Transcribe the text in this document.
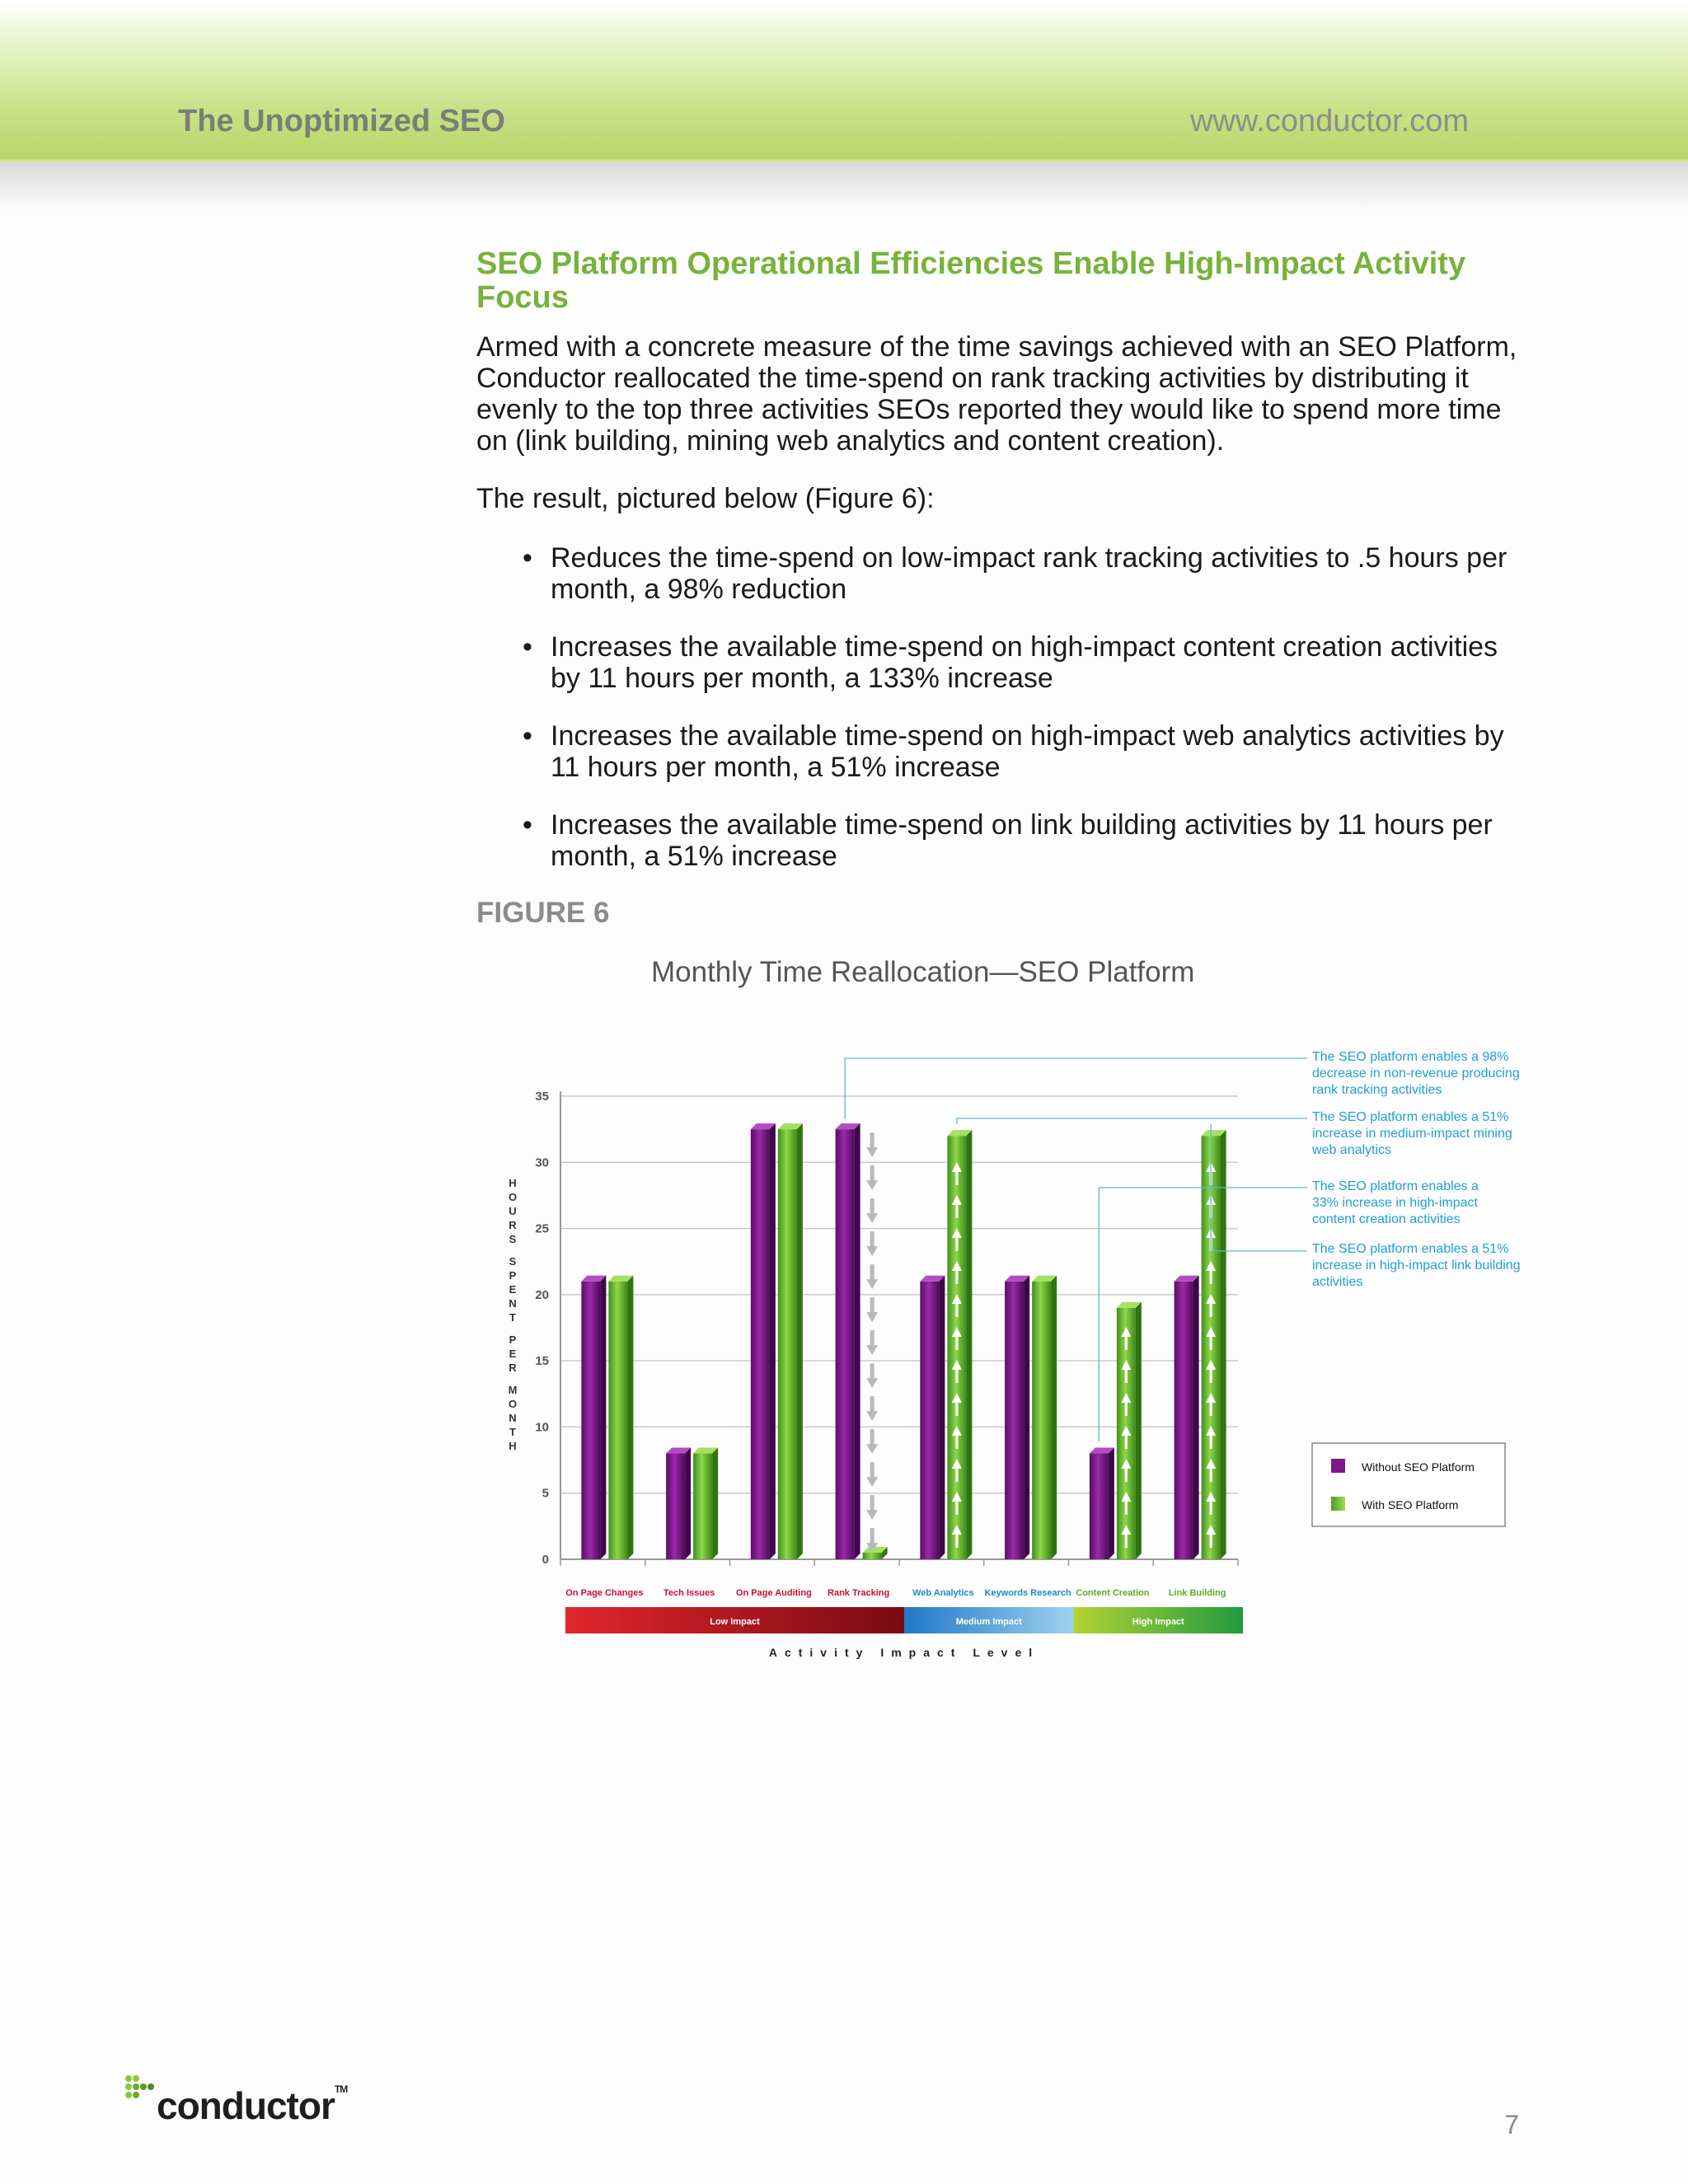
The Unoptimized SEO	www.conductor.com
SEO Platform Operational Efficiencies Enable High-Impact Activity Focus

Armed with a concrete measure of the time savings achieved with an SEO Platform, Conductor reallocated the time-spend on rank tracking activities by distributing it evenly to the top three activities SEOs reported they would like to spend more time on (link building, mining web analytics and content creation).

The result, pictured below (Figure 6):

• Reduces the time-spend on low-impact rank tracking activities to .5 hours per month, a 98% reduction
• Increases the available time-spend on high-impact content creation activities by 11 hours per month, a 133% increase
• Increases the available time-spend on high-impact web analytics activities by 11 hours per month, a 51% increase
• Increases the available time-spend on link building activities by 11 hours per month, a 51% increase
FIGURE 6
Monthly Time Reallocation—SEO Platform
H
O
U
R
S
S
P
E
N
T
P
E
R
M
O
N
T
H
0
5
10
15
20
25
30
35
On Page Changes Tech Issues On Page Auditing Rank Tracking	Web Analytics Keywords Research Content Creation Link Building
Low Impact	Medium Impact	High Impact
Activity Impact Level
The SEO platform enables a 98%
decrease in non-revenue producing
rank tracking activities
The SEO platform enables a 51%
increase in medium-impact mining
web analytics
The SEO platform enables a
33% increase in high-impact
content creation activities
The SEO platform enables a 51%
increase in high-impact link building
activities
Without SEO Platform
With SEO Platform
conductor™
7
